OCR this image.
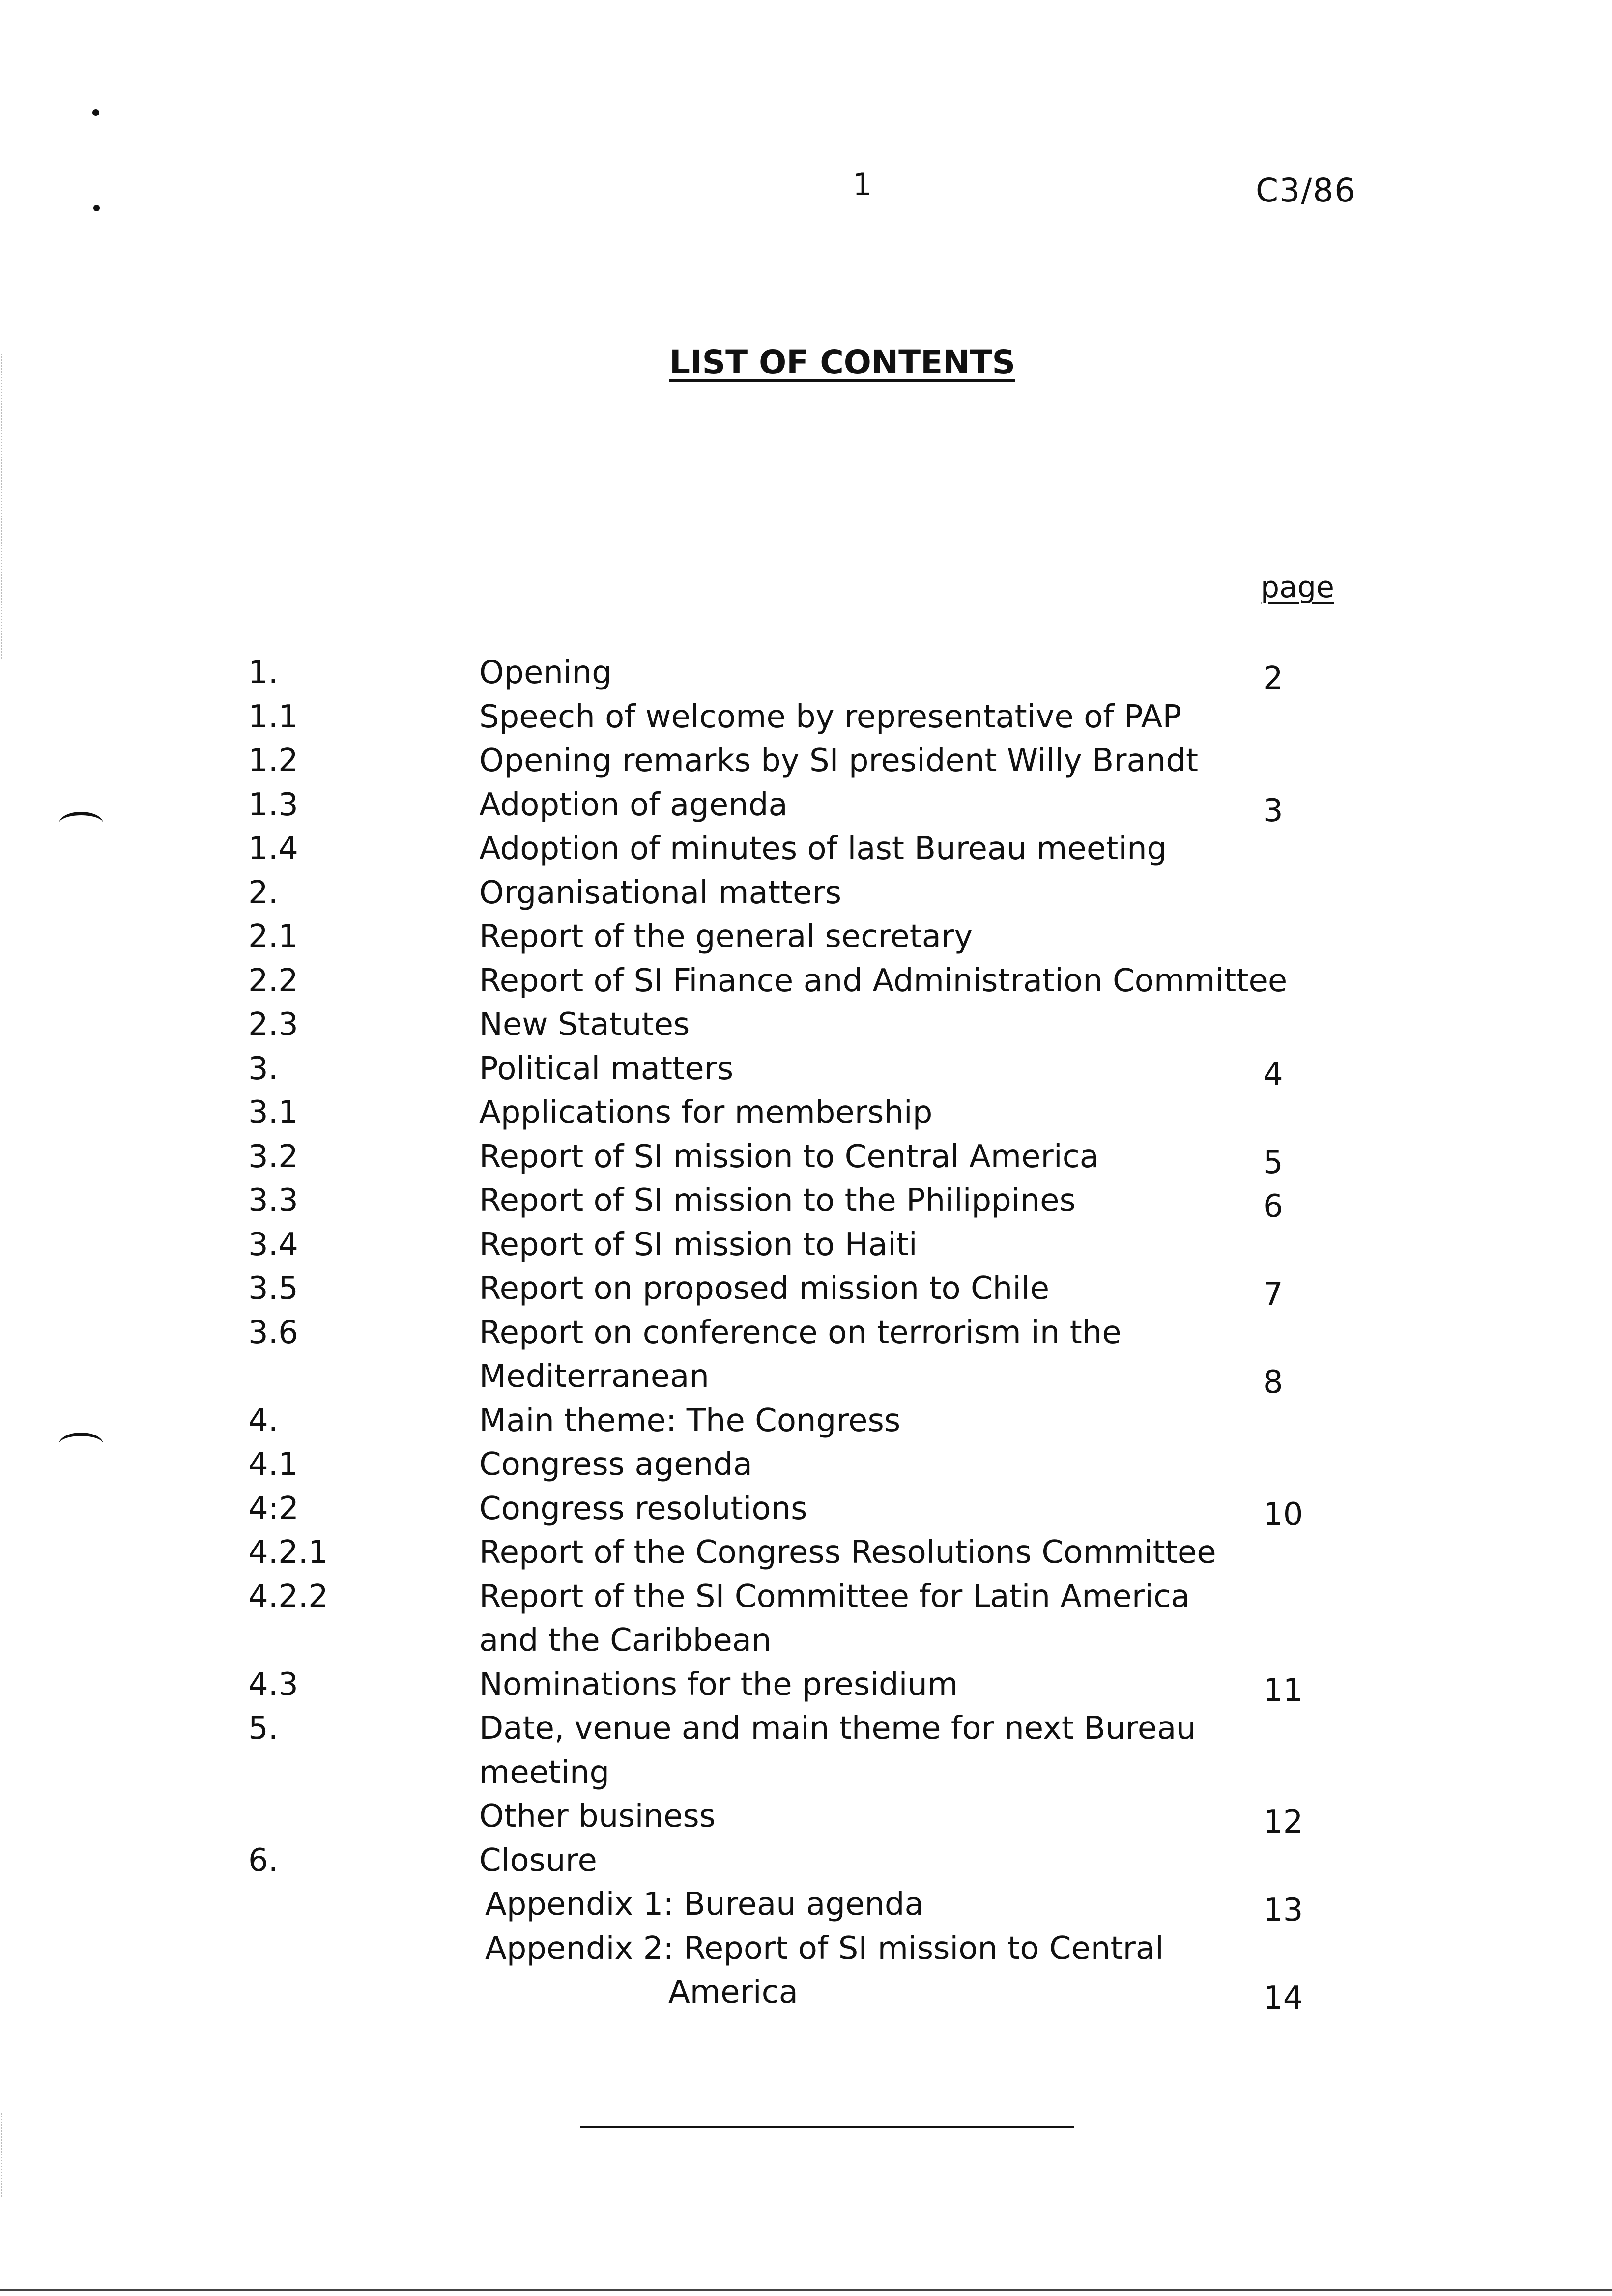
1	C3/86
LIST OF CONTENTS
page
1.	Opening	2
1.1	Speech of welcome by representative of PAP
1.2	Opening remarks by SI president Willy Brandt
1.3	Adoption of agenda	3
1.4	Adoption of minutes of last Bureau meeting
2.	Organisational matters
2.1	Report of the general secretary
2.2	Report of SI Finance and Administration Committee
2.3	New Statutes
3.	Political matters	4
3.1	Applications for membership
3.2	Report of SI mission to Central America	5
3.3	Report of SI mission to the Philippines	6
3.4	Report of SI mission to Haiti
3.5	Report on proposed mission to Chile	7
3.6	Report on conference on terrorism in the
Mediterranean	8
4.	Main theme: The Congress
4.1	Congress agenda
4:2	Congress resolutions	10
4.2.1	Report of the Congress Resolutions Committee
4.2.2	Report of the SI Committee for Latin America
and the Caribbean
4.3	Nominations for the presidium	11
5.	Date, venue and main theme for next Bureau
meeting
Other business	12
6.	Closure
Appendix 1: Bureau agenda	13
Appendix 2: Report of SI mission to Central
America	14
